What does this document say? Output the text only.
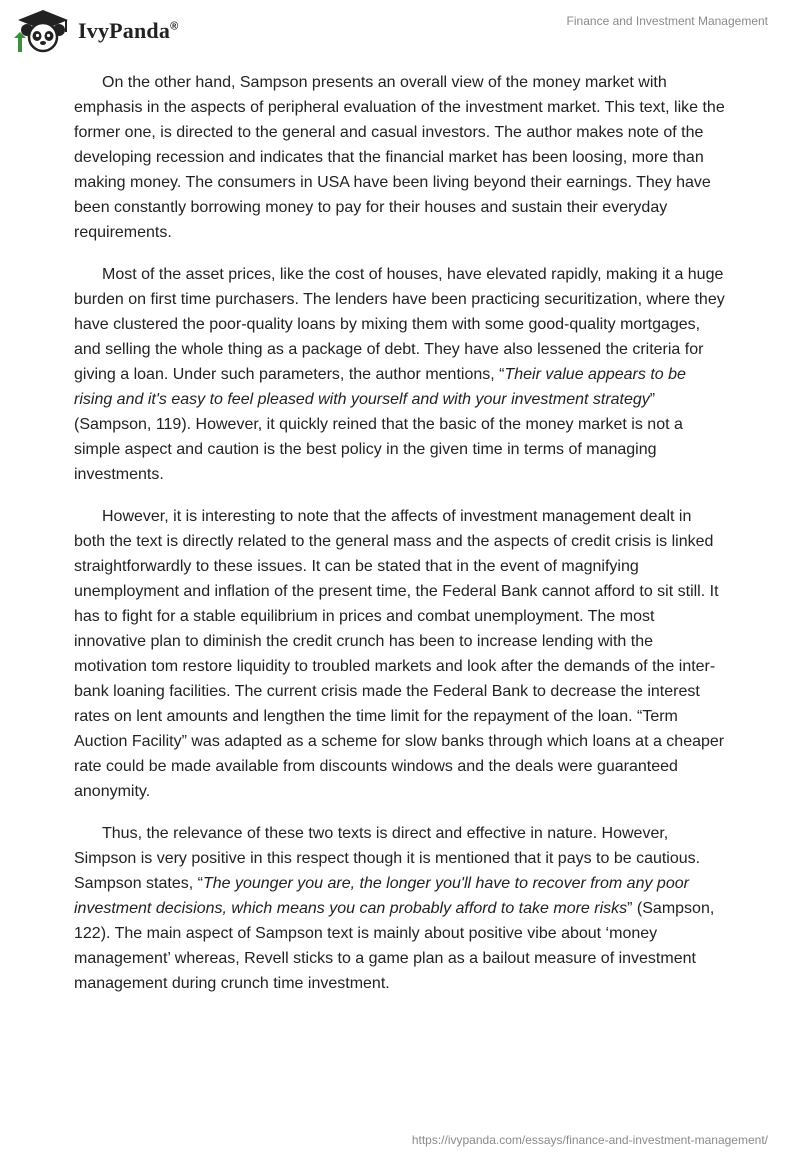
IvyPanda®	Finance and Investment Management

On the other hand, Sampson presents an overall view of the money market with emphasis in the aspects of peripheral evaluation of the investment market. This text, like the former one, is directed to the general and casual investors. The author makes note of the developing recession and indicates that the financial market has been loosing, more than making money. The consumers in USA have been living beyond their earnings. They have been constantly borrowing money to pay for their houses and sustain their everyday requirements.

Most of the asset prices, like the cost of houses, have elevated rapidly, making it a huge burden on first time purchasers. The lenders have been practicing securitization, where they have clustered the poor-quality loans by mixing them with some good-quality mortgages, and selling the whole thing as a package of debt. They have also lessened the criteria for giving a loan. Under such parameters, the author mentions, “Their value appears to be rising and it's easy to feel pleased with yourself and with your investment strategy” (Sampson, 119). However, it quickly reined that the basic of the money market is not a simple aspect and caution is the best policy in the given time in terms of managing investments.

However, it is interesting to note that the affects of investment management dealt in both the text is directly related to the general mass and the aspects of credit crisis is linked straightforwardly to these issues. It can be stated that in the event of magnifying unemployment and inflation of the present time, the Federal Bank cannot afford to sit still. It has to fight for a stable equilibrium in prices and combat unemployment. The most innovative plan to diminish the credit crunch has been to increase lending with the motivation tom restore liquidity to troubled markets and look after the demands of the inter-bank loaning facilities. The current crisis made the Federal Bank to decrease the interest rates on lent amounts and lengthen the time limit for the repayment of the loan. “Term Auction Facility” was adapted as a scheme for slow banks through which loans at a cheaper rate could be made available from discounts windows and the deals were guaranteed anonymity.

Thus, the relevance of these two texts is direct and effective in nature. However, Simpson is very positive in this respect though it is mentioned that it pays to be cautious. Sampson states, “The younger you are, the longer you'll have to recover from any poor investment decisions, which means you can probably afford to take more risks” (Sampson, 122). The main aspect of Sampson text is mainly about positive vibe about ‘money management’ whereas, Revell sticks to a game plan as a bailout measure of investment management during crunch time investment.

https://ivypanda.com/essays/finance-and-investment-management/
